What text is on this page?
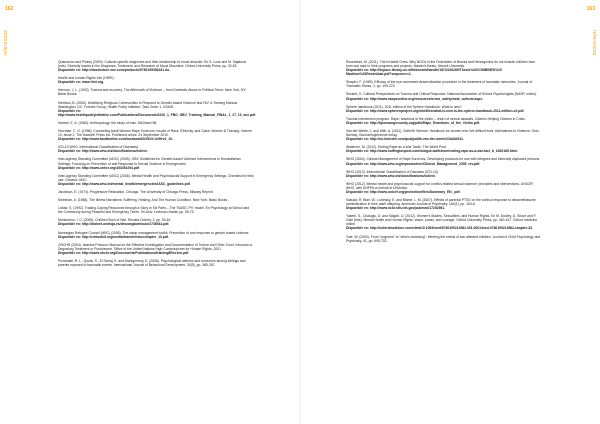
162
references

Quarracino and Pinkey (2009). Cultural-specific diagnoses and their relationship to mood disorder. En S. Loue and M. Sajatovic (eds). Diversity Issues in the Diagnosis, Treatment, and Research of Mood Disorders. Oxford University Press, pp. 32-53.

Disponible en: http://ebookstore.sue.com/products/9780195306181.do.

Health and human Rights Info (HHRI).

Disponible en: www.hhri.org.

Herman, J. L. (1992). Trauma and recovery. The Aftermath of Violence – from Domestic Abuse to Political Terror. New York, NY: Basic Books.

Henttaul, B. (2000). Mobilizing Religious Communities to Respond to Gender-based Violence and HIV: A Training Manual. Washington, DC: Futures Group, Health Policy Initiative, Task Order 1, USAID.

Disponible en: http://www.healthpolicyinitiative.com/Publications/Documents/1020_1_FBO_GBV_Training_Manual_FINAL_1_27_10_acc.pdf.

Hoebel, E. A. (1966). Anthropology: the study of man. McGraw-Hill.

Holzman, C. G. (1996). Counseling Adult Women Rape Survivors: Issues of Race, Ethnicity, and Class. Women & Therapy, Volume 19, Issue 2, The Haworth Press Inc. Published online: 24 September 2010.

Disponible en: http://www.tandfonline.com/toc/wwat20/19/2#.Ur9frv4_10.

ICD-10 WHO. International Classification of Diseases).

Disponible en: http://www.who.int/classifications/icd/en/.

Inter-Agency Standing Committee (IASC) (2005). GBV Guidelines for Gender-based Violence Interventions in Humanitarian Settings: Focusing on Prevention of and Response to Sexual Violence in Emergencies.

Disponible en: http://www.unhcr.org/453492294.pdf

Inter-Agency Standing Committee (IASC) (2006). Mental Health and Psychosocial Support in Emergency Settings. Checklist for field use. Geneva: IASC.

Disponible en: http://www.who.int/mental_health/emergencies/IASC_guidelines.pdf.

Jacobson, E. (1974). Progressive Relaxation. Chicago: The University of Chicago Press, Midway Reprint.

Kleinman, A. (1988). The Illness Narratives: Suffering, Healing, And The Human Condition. New York: Basic Books.

Lahad, S. (1992). Trading Coping Resources through a Story in Six Parts – The "BASIC Ph" model. En Psychology at School and the Community during Peaceful and Emergency Times. Tel-Aviv: Levinson-Hadar, pp. 55-70.

Montoneiro, I. C. (2005). Children Born of War. Revista Criteria, 2, pp. 53-81.

Disponible en: http://dialnet.unirioja.es/descarga/articulo/2736544.pdf.

Norwegian Refugee Council (NRC) (2008). The camp management toolkit. Prevention of and response to gender based violence.

Disponible en: http://cmtoolkit.org/media/transfer/doc/chapter_10.pdf.

OHCHR (2004). Istanbul Protocol: Manual on the Effective Investigation and Documentation of Torture and Other Cruel, Inhuman or Degrading Treatment or Punishment. Office of the United Nations High Commissioner for Human Rights, 2001.

Disponible en: http://www.ohchr.org/Documents/Publications/training8Rev1en.pdf.

Punamaki, R. L., Qouta, S., El Sarraj, E. and Montgomery, E. (2006). Psychological distress and resources among siblings and parents exposed to traumatic events. International Journal of Behavioral Development, 30(5), pp. 385-397.

163
references

Rosenblad, M. (2011). The Invisible Ones. Why NGOs in the Federation of Bosnia and Herzegovina do not include children born from war rape in their programs and projects. Master's thesis, Utrecht University.

Disponible en: http://dspace.library.uu.nl/bitstream/handle/1874/226289/Thesis%20COMBINED%20 Madelon%20Rosenblad.pdf?sequence=1.

Shapiro, F. (1989). Efficacy of the eye movement desensitization procedure in the treatment of traumatic memories. Journal of Traumatic Stress, 2, pp. 199-223.

Seckert, K. Cultural Perspectives on Trauma and Critical Response. National Association of School Psychologists (NASP, online).

Disponible en: http://www.naspconline.org/resources/crisis_safety/neat_cultural.aspx.

Sphere handbook (2011). 2011 edition of the Sphere Handbook: What is new?

Disponible en: http://www.spherenproject.org/silo/files/what-is-new-in-the-sphere-handbook-2011-edition-v2.pdf.

Trauma intervention program. Rape: reactions of the victim – return of sexual assaults. Citizens Helping Citizens in Crisis.

Disponible en: http://tiponsangecounty.org/pdfs/Rape_Reactions_of_the_Victim.pdf.

Van der Weele, J. and Wilh, A. (2011). Sofie/Hr Woman. Handbook for women who live difficult lives. Alternatives to Violence, Oslo, Norway. Gunnar/fugl/hamne forlag.

Disponible en: http://no.linkedin.com/pub/judith-van-der-weele/23/a2b/611.

Walstrom, M. (2012). Ending Rape as a War Tactic. The World Post.

Disponible en: http://www.huffingtonpost.com/margot-wallstrom/ending-rape-as-a-war-tact_b_1600185.html.

WHO (2004). Clinical Management of Rape Survivors. Developing protocols for use with refugees and internally displaced persons.

Disponible en: http://www.who.org/reproductive/Clinical_Management_2005_rev.pdf.

WHO (2013). International Classification of Diseases (ICD-10)

Disponible en: http://www.who.int/classifications/icd/en/.

WHO (2012). Mental health and psychosocial support for conflict-related sexual violence: principles and interventions. UNICEF, WHO, with UNFPA on behalf of UNAction.

Disponible en: http://www.unicef.org/protection/files/Summary_EN_.pdf.

Vakuda, R. Blair, W., Lubinsky, E. and Blame, L. M. (2007). Effects of parental PTSD on the cortisol response to dexamethasone administration in their adult offspring. American Journal of Psychiatry, 164(1), pp. 163-6.

Disponible en: http://www.ncbi.nlm.nih.gov/pubmed/17202561.

Yakeel, S., Chaloglu, D. and Salgah, U. (2012). Women's Bodies, Sexualities, and Human Rights. En M. Dudley, D. Silove and F. Gale (eds). Mental Health and Human Rights: vision, praxis, and courage. Oxford University Press, pp. 440-447. Oxford medicine online.

Disponible en: http://oxfordmedicine.com/view/10.1093/med/9780199213962.001.0001/med-9780199213962-chapter-33.

Yule, W. (2000). From "pogroms" to "ethnic cleansing": Meeting the needs of war affected children. Journal of Child Psychology and Psychiatry, 41, pp. 695-702.
